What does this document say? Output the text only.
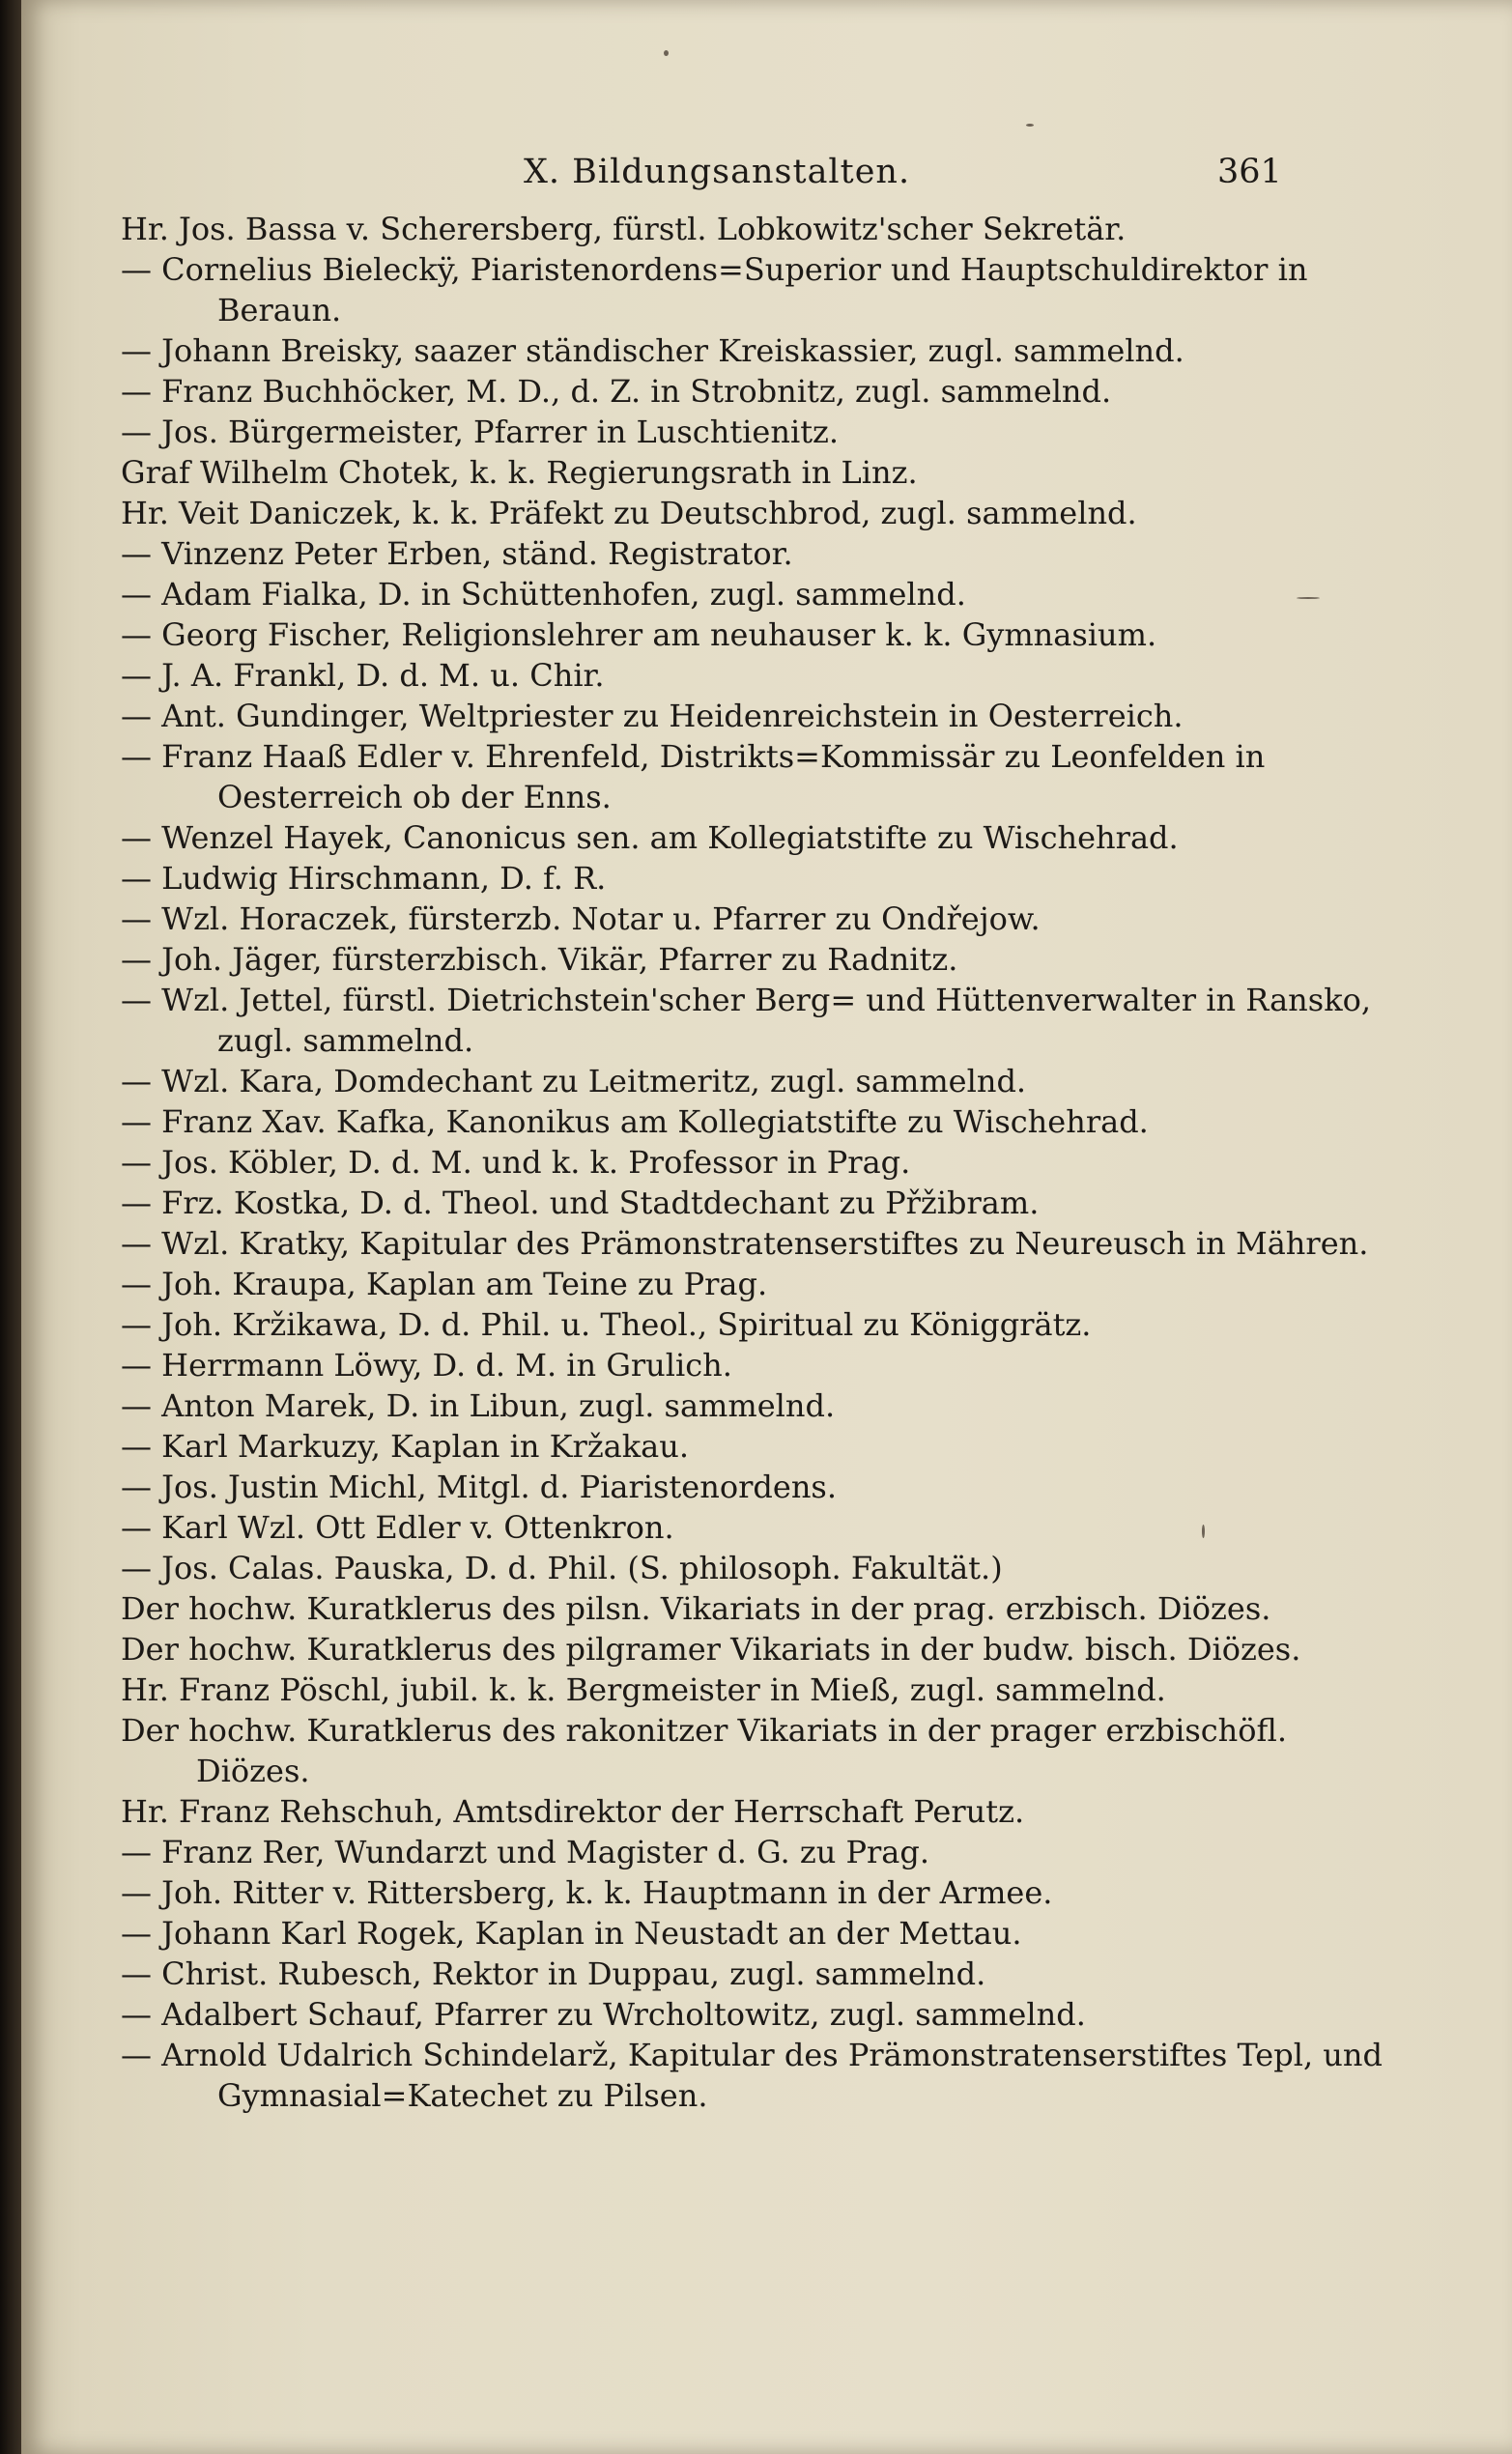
X. Bildungsanstalten.	361
Hr. Jos. Bassa v. Scherersberg, fürstl. Lobkowitz'scher Sekretär.
— Cornelius Bieleckÿ, Piaristenordens=Superior und Hauptschuldirektor in Beraun.
— Johann Breisky, saazer ständischer Kreiskassier, zugl. sammelnd.
— Franz Buchhöcker, M. D., d. Z. in Strobnitz, zugl. sammelnd.
— Jos. Bürgermeister, Pfarrer in Luschtienitz.
Graf Wilhelm Chotek, k. k. Regierungsrath in Linz.
Hr. Veit Daniczek, k. k. Präfekt zu Deutschbrod, zugl. sammelnd.
— Vinzenz Peter Erben, ständ. Registrator.
— Adam Fialka, D. in Schüttenhofen, zugl. sammelnd.
— Georg Fischer, Religionslehrer am neuhauser k. k. Gymnasium.
— J. A. Frankl, D. d. M. u. Chir.
— Ant. Gundinger, Weltpriester zu Heidenreichstein in Oesterreich.
— Franz Haaß Edler v. Ehrenfeld, Distrikts=Kommissär zu Leonfelden in Oesterreich ob der Enns.
— Wenzel Hayek, Canonicus sen. am Kollegiatstifte zu Wischehrad.
— Ludwig Hirschmann, D. f. R.
— Wzl. Horaczek, fürsterzb. Notar u. Pfarrer zu Ondřejow.
— Joh. Jäger, fürsterzbisch. Vikär, Pfarrer zu Radnitz.
— Wzl. Jettel, fürstl. Dietrichstein'scher Berg= und Hüttenverwalter in Ransko, zugl. sammelnd.
— Wzl. Kara, Domdechant zu Leitmeritz, zugl. sammelnd.
— Franz Xav. Kafka, Kanonikus am Kollegiatstifte zu Wischehrad.
— Jos. Köbler, D. d. M. und k. k. Professor in Prag.
— Frz. Kostka, D. d. Theol. und Stadtdechant zu Přžibram.
— Wzl. Kratky, Kapitular des Prämonstratenserstiftes zu Neureusch in Mähren.
— Joh. Kraupa, Kaplan am Teine zu Prag.
— Joh. Kržikawa, D. d. Phil. u. Theol., Spiritual zu Königgrätz.
— Herrmann Löwy, D. d. M. in Grulich.
— Anton Marek, D. in Libun, zugl. sammelnd.
— Karl Markuzy, Kaplan in Kržakau.
— Jos. Justin Michl, Mitgl. d. Piaristenordens.
— Karl Wzl. Ott Edler v. Ottenkron.
— Jos. Calas. Pauska, D. d. Phil. (S. philosoph. Fakultät.)
Der hochw. Kuratklerus des pilsn. Vikariats in der prag. erzbisch. Diözes.
Der hochw. Kuratklerus des pilgramer Vikariats in der budw. bisch. Diözes.
Hr. Franz Pöschl, jubil. k. k. Bergmeister in Mieß, zugl. sammelnd.
Der hochw. Kuratklerus des rakonitzer Vikariats in der prager erzbischöfl. Diözes.
Hr. Franz Rehschuh, Amtsdirektor der Herrschaft Perutz.
— Franz Rer, Wundarzt und Magister d. G. zu Prag.
— Joh. Ritter v. Rittersberg, k. k. Hauptmann in der Armee.
— Johann Karl Rogek, Kaplan in Neustadt an der Mettau.
— Christ. Rubesch, Rektor in Duppau, zugl. sammelnd.
— Adalbert Schauf, Pfarrer zu Wrcholtowitz, zugl. sammelnd.
— Arnold Udalrich Schindelarž, Kapitular des Prämonstratenserstiftes Tepl, und Gymnasial=Katechet zu Pilsen.
